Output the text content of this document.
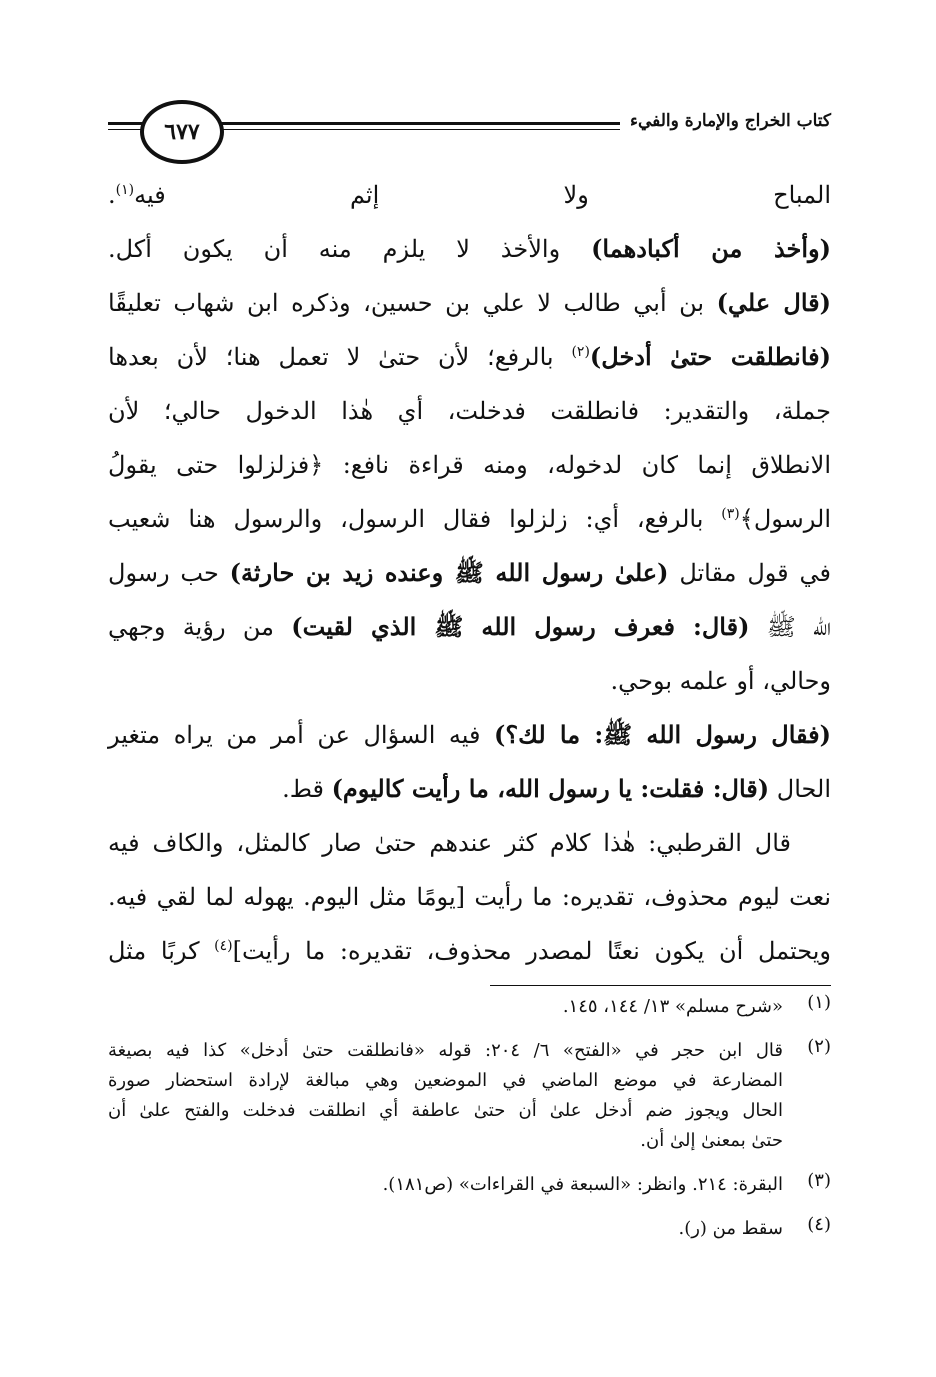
كتاب الخراج والإمارة والفيء
٦٧٧
المباح ولا إثم فيه$^{(١)}$.
(وأخذ من أكبادهما) والأخذ لا يلزم منه أن يكون أكل.
(قال علي) بن أبي طالب لا علي بن حسين، وذكره ابن شهاب تعليقًا
(فانطلقت حتىٰ أدخل)$^{(٢)}$ بالرفع؛ لأن حتىٰ لا تعمل هنا؛ لأن بعدها
جملة، والتقدير: فانطلقت فدخلت، أي هٰذا الدخول حالي؛ لأن
الانطلاق إنما كان لدخوله، ومنه قراءة نافع: ﴿فزلزلوا حتى يقولُ
الرسول﴾$^{(٣)}$ بالرفع، أي: زلزلوا فقال الرسول، والرسول هنا شعيب
في قول مقاتل (علىٰ رسول الله ﷺ وعنده زيد بن حارثة) حب رسول
الله ﷺ (قال: فعرف رسول الله ﷺ الذي لقيت) من رؤية وجهي
وحالي، أو علمه بوحي.
(فقال رسول الله ﷺ: ما لك؟) فيه السؤال عن أمر من يراه متغير
الحال (قال: فقلت: يا رسول الله، ما رأيت كاليوم) قط.
قال القرطبي: هٰذا كلام كثر عندهم حتىٰ صار كالمثل، والكاف فيه
نعت ليوم محذوف، تقديره: ما رأيت [يومًا مثل اليوم. يهوله لما لقي فيه.
ويحتمل أن يكون نعتًا لمصدر محذوف، تقديره: ما رأيت]$^{(٤)}$ كربًا مثل
(١)
«شرح مسلم» ١٣/ ١٤٤، ١٤٥.
(٢)
قال ابن حجر في «الفتح» ٦/ ٢٠٤: قوله «فانطلقت حتىٰ أدخل» كذا فيه بصيغة
المضارعة في موضع الماضي في الموضعين وهي مبالغة لإرادة استحضار صورة
الحال ويجوز ضم أدخل علىٰ أن حتىٰ عاطفة أي انطلقت فدخلت والفتح علىٰ أن
حتىٰ بمعنىٰ إلىٰ أن.
(٣)
البقرة: ٢١٤. وانظر: «السبعة في القراءات» (ص١٨١).
(٤)
سقط من (ر).
